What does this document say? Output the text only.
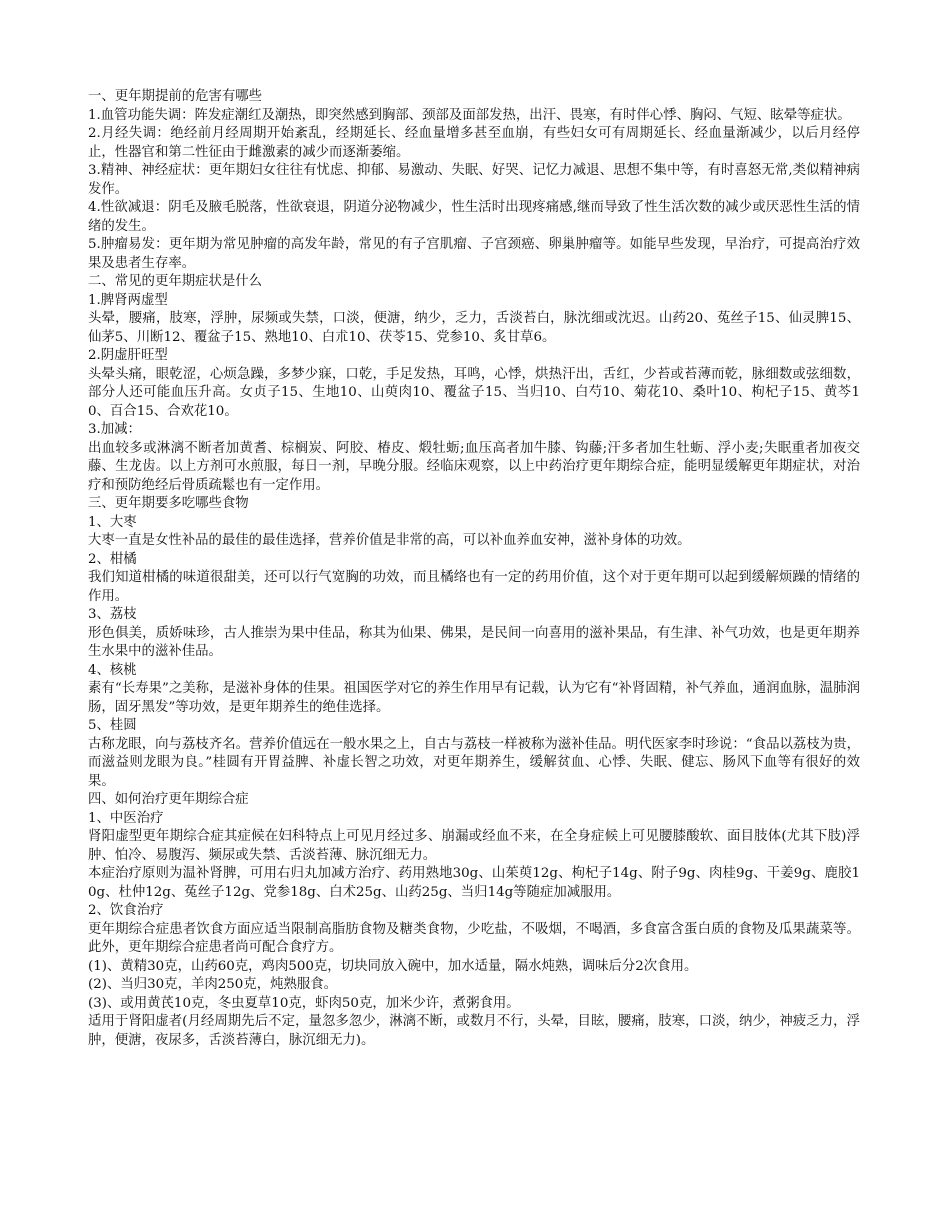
一、更年期提前的危害有哪些

1.血管功能失调：阵发症潮红及潮热，即突然感到胸部、颈部及面部发热，出汗、畏寒，有时伴心悸、胸闷、气短、眩晕等症状。

2.月经失调：绝经前月经周期开始紊乱，经期延长、经血量增多甚至血崩，有些妇女可有周期延长、经血量渐减少，以后月经停止，性器官和第二性征由于雌激素的减少而逐渐萎缩。

3.精神、神经症状：更年期妇女往往有忧虑、抑郁、易激动、失眠、好哭、记忆力减退、思想不集中等，有时喜怒无常,类似精神病发作。

4.性欲减退：阴毛及腋毛脱落，性欲衰退，阴道分泌物减少，性生活时出现疼痛感,继而导致了性生活次数的减少或厌恶性生活的情绪的发生。

5.肿瘤易发：更年期为常见肿瘤的高发年龄，常见的有子宫肌瘤、子宫颈癌、卵巢肿瘤等。如能早些发现，早治疗，可提高治疗效果及患者生存率。

二、常见的更年期症状是什么

1.脾肾两虚型

头晕，腰痛，肢寒，浮肿，尿频或失禁，口淡，便溏，纳少，乏力，舌淡苔白，脉沈细或沈迟。山药20、菟丝子15、仙灵脾15、仙茅5、川断12、覆盆子15、熟地10、白朮10、茯苓15、党参10、炙甘草6。

2.阴虚肝旺型

头晕头痛，眼乾涩，心烦急躁，多梦少寐，口乾，手足发热，耳鸣，心悸，烘热汗出，舌红，少苔或苔薄而乾，脉细数或弦细数，部分人还可能血压升高。女贞子15、生地10、山萸肉10、覆盆子15、当归10、白芍10、菊花10、桑叶10、枸杞子15、黄芩10、百合15、合欢花10。

3.加减：

出血较多或淋漓不断者加黄耆、棕榈炭、阿胶、椿皮、煅牡蛎;血压高者加牛膝、钩藤;汗多者加生牡蛎、浮小麦;失眠重者加夜交藤、生龙齿。以上方剂可水煎服，每日一剂，早晚分服。经临床观察，以上中药治疗更年期综合症，能明显缓解更年期症状，对治疗和预防绝经后骨质疏鬆也有一定作用。

三、更年期要多吃哪些食物

1、大枣

大枣一直是女性补品的最佳的最佳选择，营养价值是非常的高，可以补血养血安神，滋补身体的功效。

2、柑橘

我们知道柑橘的味道很甜美，还可以行气宽胸的功效，而且橘络也有一定的药用价值，这个对于更年期可以起到缓解烦躁的情绪的作用。

3、荔枝

形色俱美，质娇味珍，古人推崇为果中佳品，称其为仙果、佛果，是民间一向喜用的滋补果品，有生津、补气功效，也是更年期养生水果中的滋补佳品。

4、核桃

素有“长寿果”之美称，是滋补身体的佳果。祖国医学对它的养生作用早有记载，认为它有“补肾固精，补气养血，通润血脉，温肺润肠，固牙黑发”等功效，是更年期养生的绝佳选择。

5、桂圆

古称龙眼，向与荔枝齐名。营养价值远在一般水果之上，自古与荔枝一样被称为滋补佳品。明代医家李时珍说：“食品以荔枝为贵，而滋益则龙眼为良。”桂圆有开胃益脾、补虚长智之功效，对更年期养生，缓解贫血、心悸、失眠、健忘、肠风下血等有很好的效果。

四、如何治疗更年期综合症

1、中医治疗

肾阳虚型更年期综合症其症候在妇科特点上可见月经过多、崩漏或经血不来，在全身症候上可见腰膝酸软、面目肢体(尤其下肢)浮肿、怕冷、易腹泻、频尿或失禁、舌淡苔薄、脉沉细无力。

本症治疗原则为温补肾脾，可用右归丸加减方治疗、药用熟地30g、山茱萸12g、枸杞子14g、附子9g、肉桂9g、干姜9g、鹿胶10g、杜仲12g、菟丝子12g、党参18g、白术25g、山药25g、当归14g等随症加减服用。

2、饮食治疗

更年期综合症患者饮食方面应适当限制高脂肪食物及糖类食物，少吃盐，不吸烟，不喝酒，多食富含蛋白质的食物及瓜果蔬菜等。此外，更年期综合症患者尚可配合食疗方。

(1)、黄精30克，山药60克，鸡肉500克，切块同放入碗中，加水适量，隔水炖熟，调味后分2次食用。

(2)、当归30克，羊肉250克，炖熟服食。

(3)、或用黄芪10克，冬虫夏草10克，虾肉50克，加米少许，煮粥食用。

适用于肾阳虚者(月经周期先后不定，量忽多忽少，淋漓不断，或数月不行，头晕，目眩，腰痛，肢寒，口淡，纳少，神疲乏力，浮肿，便溏，夜尿多，舌淡苔薄白，脉沉细无力)。
